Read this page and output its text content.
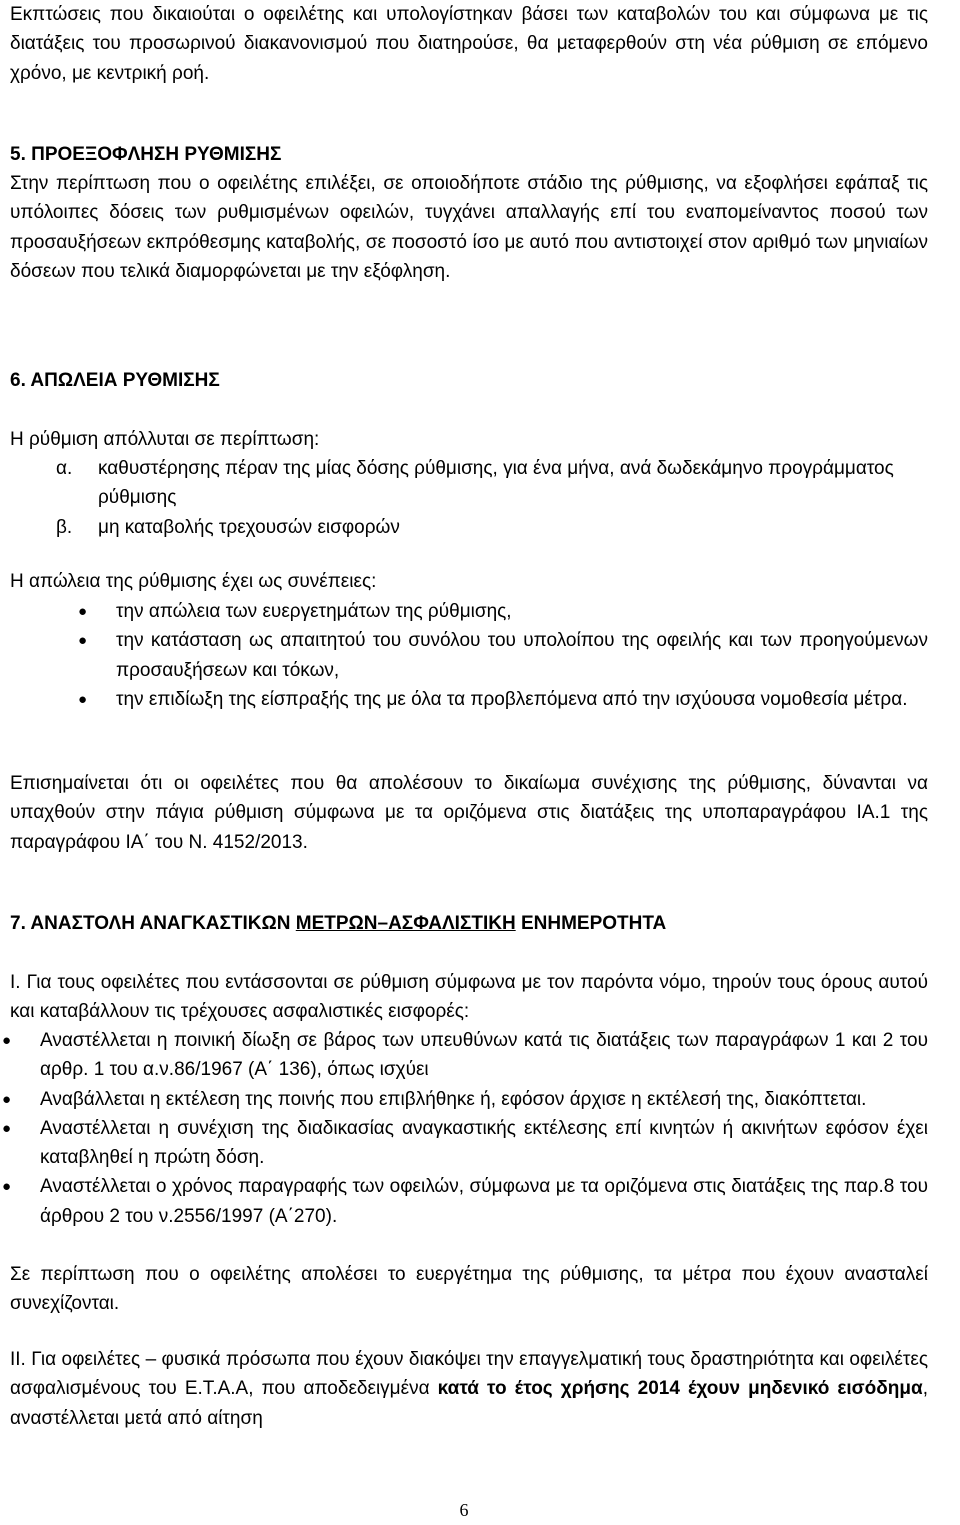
Εκπτώσεις που δικαιούται ο οφειλέτης και υπολογίστηκαν βάσει των καταβολών του και σύμφωνα με τις διατάξεις του προσωρινού διακανονισμού που διατηρούσε, θα μεταφερθούν στη νέα ρύθμιση σε επόμενο χρόνο, με κεντρική ροή.

5. ΠΡΟΕΞΟΦΛΗΣΗ ΡΥΘΜΙΣΗΣ

Στην περίπτωση που ο οφειλέτης επιλέξει, σε οποιοδήποτε στάδιο της ρύθμισης, να εξοφλήσει εφάπαξ τις υπόλοιπες δόσεις των ρυθμισμένων οφειλών, τυγχάνει απαλλαγής επί του εναπομείναντος ποσού των προσαυξήσεων εκπρόθεσμης καταβολής, σε ποσοστό ίσο με αυτό που αντιστοιχεί στον αριθμό των μηνιαίων δόσεων που τελικά διαμορφώνεται με την εξόφληση.

6. ΑΠΩΛΕΙΑ ΡΥΘΜΙΣΗΣ

Η ρύθμιση απόλλυται σε περίπτωση:

α. καθυστέρησης πέραν της μίας δόσης ρύθμισης, για ένα μήνα, ανά δωδεκάμηνο προγράμματος ρύθμισης
β. μη καταβολής τρεχουσών εισφορών

Η απώλεια της ρύθμισης έχει ως συνέπειες:

● την απώλεια των ευεργετημάτων της ρύθμισης,
● την κατάσταση ως απαιτητού του συνόλου του υπολοίπου της οφειλής και των προηγούμενων προσαυξήσεων και τόκων,
● την επιδίωξη της είσπραξής της με όλα τα προβλεπόμενα από την ισχύουσα νομοθεσία μέτρα.

Επισημαίνεται ότι οι οφειλέτες που θα απολέσουν το δικαίωμα συνέχισης της ρύθμισης, δύνανται να υπαχθούν στην πάγια ρύθμιση σύμφωνα με τα οριζόμενα στις διατάξεις της υποπαραγράφου ΙΑ.1 της παραγράφου ΙΑ΄ του Ν. 4152/2013.

7. ΑΝΑΣΤΟΛΗ ΑΝΑΓΚΑΣΤΙΚΩΝ ΜΕΤΡΩΝ–ΑΣΦΑΛΙΣΤΙΚΗ ΕΝΗΜΕΡΟΤΗΤΑ

Ι. Για τους οφειλέτες που εντάσσονται σε ρύθμιση σύμφωνα με τον παρόντα νόμο, τηρούν τους όρους αυτού και καταβάλλουν τις τρέχουσες ασφαλιστικές εισφορές:

● Αναστέλλεται η ποινική δίωξη σε βάρος των υπευθύνων κατά τις διατάξεις των παραγράφων 1 και 2 του αρθρ. 1 του α.ν.86/1967 (Α΄ 136), όπως ισχύει
● Αναβάλλεται η εκτέλεση της ποινής που επιβλήθηκε ή, εφόσον άρχισε η εκτέλεσή της, διακόπτεται.
● Αναστέλλεται η συνέχιση της διαδικασίας αναγκαστικής εκτέλεσης επί κινητών ή ακινήτων εφόσον έχει καταβληθεί η πρώτη δόση.
● Αναστέλλεται ο χρόνος παραγραφής των οφειλών, σύμφωνα με τα οριζόμενα στις διατάξεις της παρ.8 του άρθρου 2 του ν.2556/1997 (Α΄270).

Σε περίπτωση που ο οφειλέτης απολέσει το ευεργέτημα της ρύθμισης, τα μέτρα που έχουν ανασταλεί συνεχίζονται.

ΙΙ. Για οφειλέτες – φυσικά πρόσωπα που έχουν διακόψει την επαγγελματική τους δραστηριότητα και οφειλέτες ασφαλισμένους του Ε.Τ.Α.Α, που αποδεδειγμένα κατά το έτος χρήσης 2014 έχουν μηδενικό εισόδημα, αναστέλλεται μετά από αίτηση

6
